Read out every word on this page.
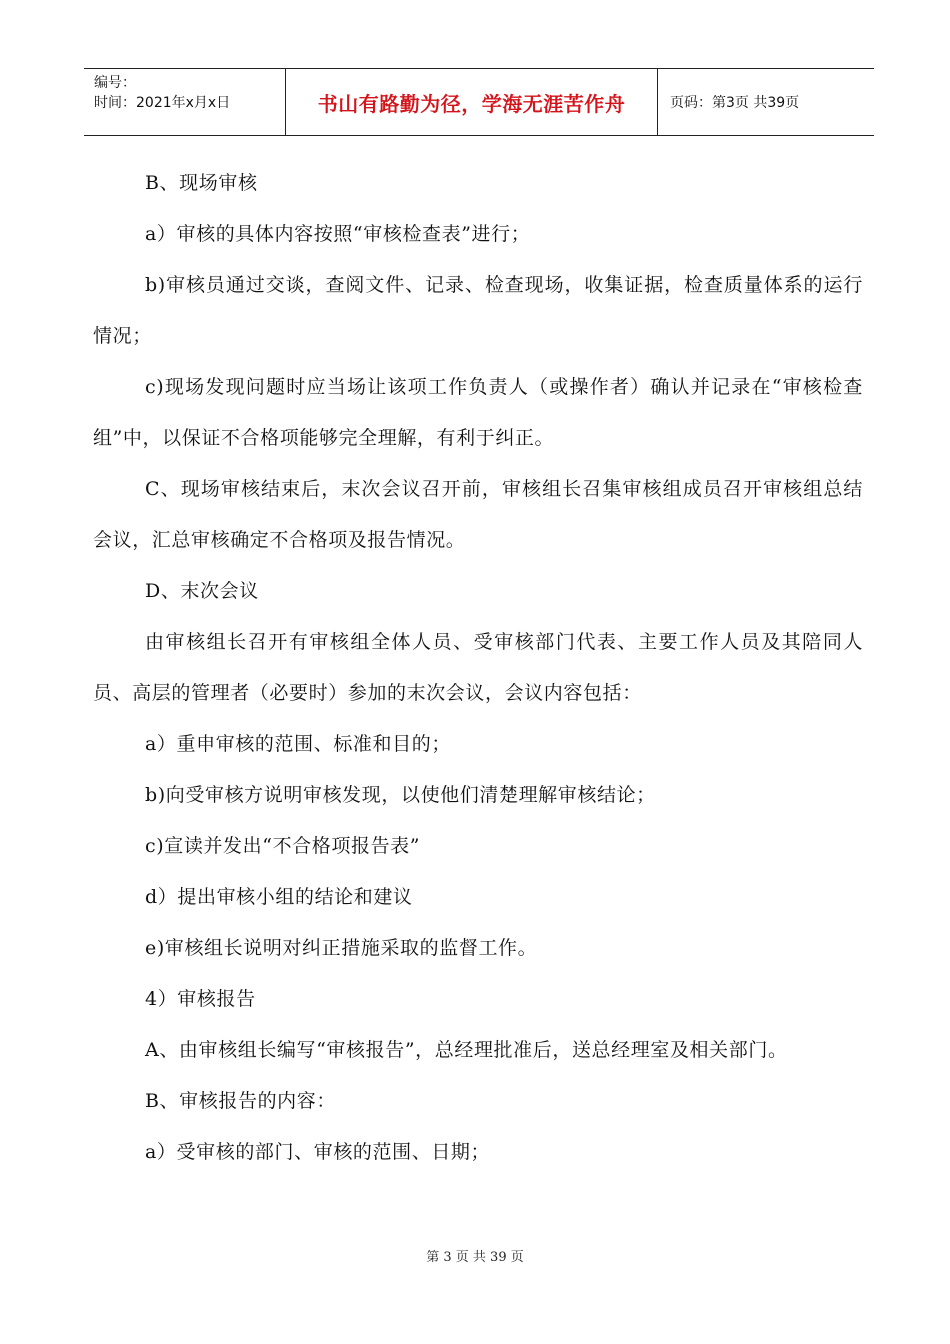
编号：
时间：2021年x月x日	书山有路勤为径，学海无涯苦作舟	页码：第3页 共39页

B、现场审核

a）审核的具体内容按照“审核检查表”进行；

b)审核员通过交谈，查阅文件、记录、检查现场，收集证据，检查质量体系的运行情况；

c)现场发现问题时应当场让该项工作负责人（或操作者）确认并记录在“审核检查组”中，以保证不合格项能够完全理解，有利于纠正。

C、现场审核结束后，末次会议召开前，审核组长召集审核组成员召开审核组总结会议，汇总审核确定不合格项及报告情况。

D、末次会议

由审核组长召开有审核组全体人员、受审核部门代表、主要工作人员及其陪同人员、高层的管理者（必要时）参加的末次会议，会议内容包括：

a）重申审核的范围、标准和目的；

b)向受审核方说明审核发现，以使他们清楚理解审核结论；

c)宣读并发出“不合格项报告表”

d）提出审核小组的结论和建议

e)审核组长说明对纠正措施采取的监督工作。

4）审核报告

A、由审核组长编写“审核报告”，总经理批准后，送总经理室及相关部门。

B、审核报告的内容：

a）受审核的部门、审核的范围、日期；

第 3 页 共 39 页
